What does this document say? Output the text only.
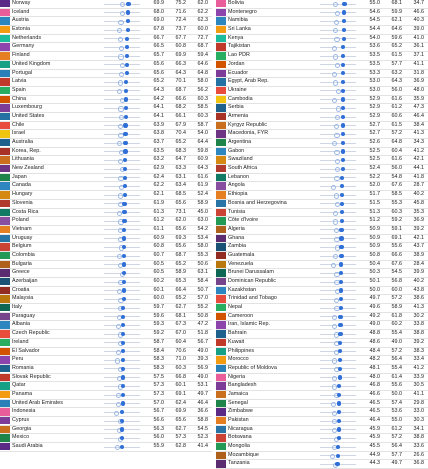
Norway	69.9	75.2	62.0
Iceland	68.0	71.6	62.2
Austria	69.0	72.4	62.3
Estonia	67.8	73.7	60.0
Netherlands	66.7	67.7	72.7
Germany	66.5	60.8	68.7
Finland	65.7	69.9	59.4
United Kingdom	65.6	66.3	64.6
Portugal	65.6	64.3	64.8
Latvia	65.2	70.1	58.0
Spain	64.3	68.7	56.2
China	64.2	66.6	60.3
Luxembourg	64.1	68.2	58.5
United States	64.1	66.1	60.3
Chile	63.9	67.9	58.7
Israel	63.8	70.4	54.0
Australia	63.7	65.2	64.4
Korea, Rep.	63.5	68.3	59.8
Lithuania	63.2	64.7	60.9
New Zealand	62.9	63.3	64.3
Japan	62.4	63.1	61.6
Canada	62.2	63.4	61.9
Hungary	62.1	68.5	52.4
Slovenia	61.9	65.6	58.9
Costa Rica	61.3	73.1	45.0
Poland	61.2	62.0	63.0
Vietnam	61.1	65.6	54.2
Uruguay	60.9	69.3	53.4
Belgium	60.8	65.6	58.0
Colombia	60.7	68.7	55.3
Bulgaria	60.5	65.2	50.6
Greece	60.5	58.9	63.1
Azerbaijan	60.2	65.3	58.4
Croatia	60.1	66.4	50.7
Malaysia	60.0	65.2	57.0
Italy	59.7	62.7	55.2
Paraguay	59.6	68.1	50.8
Albania	59.3	67.3	47.2
Czech Republic	59.2	67.0	51.8
Ireland	58.7	60.4	56.7
El Salvador	58.4	70.6	49.0
Peru	58.3	71.0	39.3
Romania	58.3	60.3	56.9
Slovak Republic	57.5	66.8	49.0
Qatar	57.3	60.1	53.1
Panama	57.3	69.1	49.7
United Arab Emirates	57.0	62.4	46.4
Indonesia	56.7	69.9	36.6
Cyprus	56.6	65.6	58.8
Georgia	56.3	62.7	54.5
Mexico	56.0	57.3	52.3
Saudi Arabia	55.9	62.8	41.4
Bolivia	55.0	68.1	34.7
Montenegro	54.6	59.9	46.6
Namibia	54.5	62.1	40.3
Sri Lanka	54.4	64.6	39.0
Kenya	54.0	59.6	41.0
Tajikistan	53.6	65.2	36.1
Lao PDR	53.5	61.5	37.1
Jordan	53.5	57.7	41.1
Ecuador	53.3	63.2	31.8
Egypt, Arab Rep.	53.0	64.3	36.9
Ukraine	53.0	56.0	48.0
Cambodia	52.9	61.6	35.9
Serbia	52.9	61.2	47.3
Armenia	52.9	60.6	46.4
Kyrgyz Republic	52.7	61.5	38.4
Macedonia, FYR	52.7	57.2	41.3
Argentina	52.6	64.8	34.3
Gabon	52.5	60.4	41.2
Swaziland	52.5	61.6	42.1
South Africa	52.4	56.0	44.1
Lebanon	52.2	54.8	41.8
Angola	52.0	67.6	28.7
Ethiopia	51.7	58.5	40.2
Bosnia and Herzegovina	51.5	55.3	45.8
Tunisia	51.3	60.3	35.3
Côte d'Ivoire	51.2	59.2	36.9
Algeria	50.9	59.1	39.2
Ghana	50.9	69.1	42.1
Zambia	50.9	55.6	43.7
Guatemala	50.8	66.6	38.9
Venezuela	50.4	67.6	28.4
Brunei Darussalam	50.3	54.5	39.9
Dominican Republic	50.1	56.8	40.2
Kazakhstan	50.0	60.0	43.8
Trinidad and Tobago	49.7	57.2	38.6
Nepal	49.6	58.9	41.3
Cameroon	49.2	61.8	30.2
Iran, Islamic Rep.	49.0	60.2	33.8
Bahrain	48.8	55.4	38.8
Kuwait	48.6	49.0	39.2
Philippines	48.4	57.2	38.3
Morocco	48.2	56.4	33.4
Republic of Moldova	48.1	55.4	41.2
Nigeria	48.0	61.4	33.9
Bangladesh	46.8	55.6	30.5
Jamaica	46.6	50.0	41.1
Senegal	46.5	57.4	29.8
Zimbabwe	46.5	53.6	33.0
Pakistan	46.4	55.0	30.3
Nicaragua	45.9	61.2	34.1
Botswana	45.9	57.2	38.8
Mongolia	45.5	56.4	33.6
Mozambique	44.9	57.7	26.6
Tanzania	44.3	49.7	36.8
